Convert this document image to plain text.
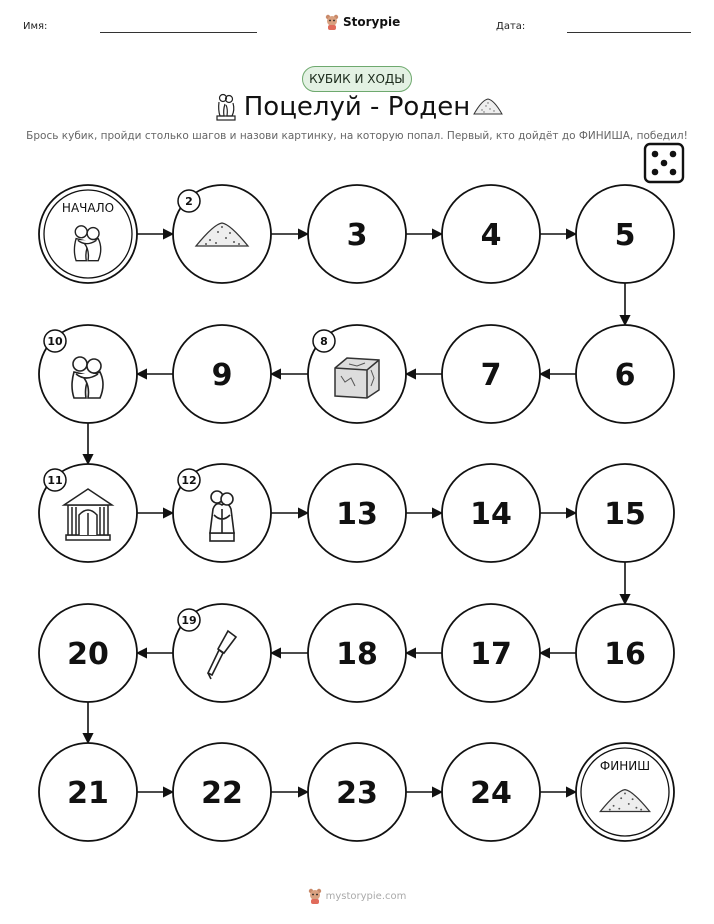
Имя:	Storypie	Дата:
КУБИК И ХОДЫ
Поцелуй - Роден
Брось кубик, пройди столько шагов и назови картинку, на которую попал. Первый, кто дойдёт до ФИНИША, победил!
НАЧАЛО
ФИНИШ
2
3	4	5
6
7
8
9
10
11	12
13	14	15
16
17
18
19
20
21	22	23	24
mystorypie.com
